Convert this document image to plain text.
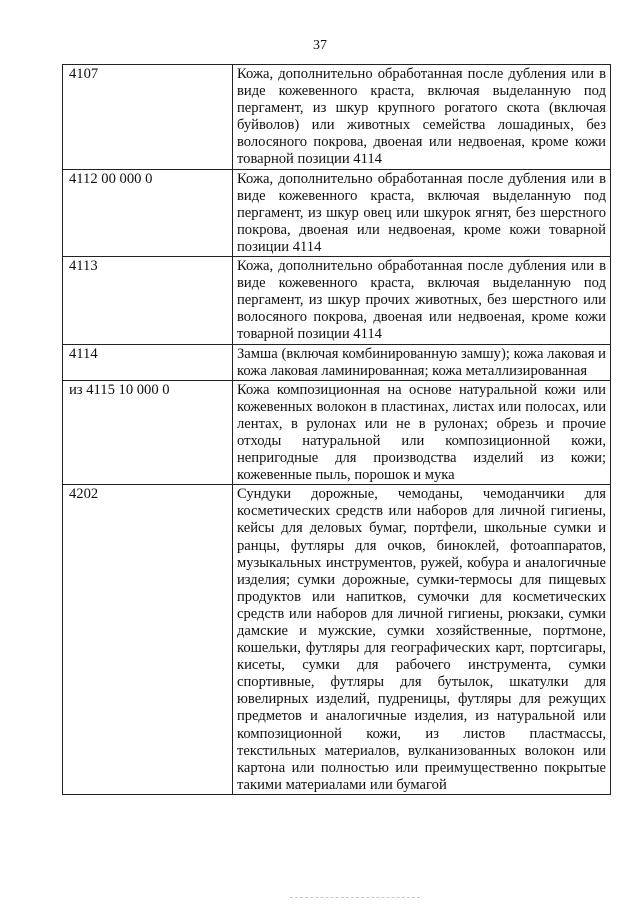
37
4107	Кожа, дополнительно обработанная после дубления или в виде кожевенного краста, включая выделанную под пергамент, из шкур крупного рогатого скота (включая буйволов) или животных семейства лошадиных, без волосяного покрова, двоеная или недвоеная, кроме кожи товарной позиции 4114
4112 00 000 0	Кожа, дополнительно обработанная после дубления или в виде кожевенного краста, включая выделанную под пергамент, из шкур овец или шкурок ягнят, без шерстного покрова, двоеная или недвоеная, кроме кожи товарной позиции 4114
4113	Кожа, дополнительно обработанная после дубления или в виде кожевенного краста, включая выделанную под пергамент, из шкур прочих животных, без шерстного или волосяного покрова, двоеная или недвоеная, кроме кожи товарной позиции 4114
4114	Замша (включая комбинированную замшу); кожа лаковая и кожа лаковая ламинированная; кожа металлизированная
из 4115 10 000 0	Кожа композиционная на основе натуральной кожи или кожевенных волокон в пластинах, листах или полосах, или лентах, в рулонах или не в рулонах; обрезь и прочие отходы натуральной или композиционной кожи, непригодные для производства изделий из кожи; кожевенные пыль, порошок и мука
4202	Сундуки дорожные, чемоданы, чемоданчики для косметических средств или наборов для личной гигиены, кейсы для деловых бумаг, портфели, школьные сумки и ранцы, футляры для очков, биноклей, фотоаппаратов, музыкальных инструментов, ружей, кобура и аналогичные изделия; сумки дорожные, сумки-термосы для пищевых продуктов или напитков, сумочки для косметических средств или наборов для личной гигиены, рюкзаки, сумки дамские и мужские, сумки хозяйственные, портмоне, кошельки, футляры для географических карт, портсигары, кисеты, сумки для рабочего инструмента, сумки спортивные, футляры для бутылок, шкатулки для ювелирных изделий, пудреницы, футляры для режущих предметов и аналогичные изделия, из натуральной или композиционной кожи, из листов пластмассы, текстильных материалов, вулканизованных волокон или картона или полностью или преимущественно покрытые такими материалами или бумагой
